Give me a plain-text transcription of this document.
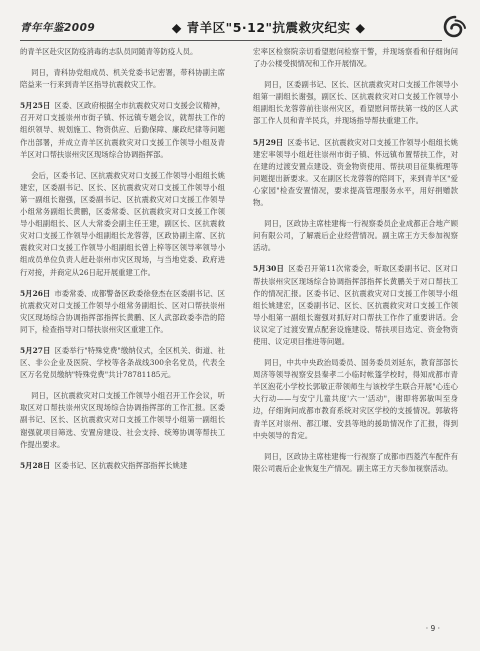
青年年鉴2009	◆ 青羊区"5·12"抗震救灾纪实 ◆

的青羊区赴灾区防疫消毒的志队员同随青等防疫人员。

同日，青科协党组成员、机关党委书记密署，带科协副主席陪益来一行来到青羊区指导抗震救灾工作。

5月25日 区委、区政府根据全市抗震救灾对口支援会议精神，召开对口支援崇州市街子镇、怀远镇专题会议，就帮扶工作的组织领导、规划施工、物资供应、后勤保障、廉政纪律等问题作出部署，并成立青羊区抗震救灾对口支援工作领导小组及青羊区对口帮扶崇州灾区现场综合协调指挥部。

会后，区委书记、区抗震救灾对口支援工作领导小组组长姚建宏，区委副书记、区长、区抗震救灾对口支援工作领导小组第一副组长谢强，区委副书记、区抗震救灾对口支援工作领导小组常务副组长黄鹏，区委常委、区抗震救灾对口支援工作领导小组副组长、区人大常委会副主任王建，副区长、区抗震救灾对口支援工作领导小组副组长龙蓉蓉，区政协副主席、区抗震救灾对口支援工作领导小组副组长曾上梓等区领导率领导小组成员单位负责人赶赴崇州市灾区现场，与当地党委、政府进行对接，并商定从26日起开展重建工作。

5月26日 市委常委、成都警备区政委徐登杰在区委副书记、区抗震救灾对口支援工作领导小组常务副组长、区对口帮扶崇州灾区现场综合协调指挥部指挥长黄鹏、区人武部政委李浩的陪同下，检查指导对口帮扶崇州灾区重建工作。

5月27日 区委举行"特殊党费"缴纳仪式，全区机关、街道、社区、非公企业及医院、学校等各条战线300余名党员，代表全区万名党员缴纳"特殊党费"共计78781185元。

同日，区抗震救灾对口支援工作领导小组召开工作会议，听取区对口帮扶崇州灾区现场综合协调指挥部的工作汇报。区委副书记、区长、区抗震救灾对口支援工作领导小组第一副组长谢强就项目筛选、安置房建设、社会支持、统筹协调等帮扶工作提出要求。

5月28日 区委书记、区抗震救灾指挥部指挥长姚建

宏率区检察院亲切看望慰问检察干警，并现场察看和仔细询问了办公楼受损情况和工作开展情况。

同日，区委副书记、区长、区抗震救灾对口支援工作领导小组第一副组长谢强，副区长、区抗震救灾对口支援工作领导小组副组长龙蓉蓉前往崇州灾区，看望慰问帮扶第一线的区人武部工作人员和青羊民兵，并现场指导帮扶重建工作。

5月29日 区委书记、区抗震救灾对口支援工作领导小组组长姚建宏率领导小组赶往崇州市街子镇、怀远镇布置帮扶工作，对在建的过渡安置点建设、资金物资使用、帮扶项目征集梳理等问题提出新要求。又在副区长龙蓉蓉的陪同下，来到青羊区"爱心家园"检查安置情况，要求提高管理服务水平，用好捐赠款物。

同日，区政协主席桂建梅一行视察委员企业成都正合地产顾问有限公司，了解震后企业经营情况。副主席王方天参加视察活动。

5月30日 区委召开第11次常委会，听取区委副书记、区对口帮扶崇州灾区现场综合协调指挥部指挥长黄鹏关于对口帮扶工作的情况汇报。区委书记、区抗震救灾对口支援工作领导小组组长姚建宏，区委副书记、区长、区抗震救灾对口支援工作领导小组第一副组长谢强对抓好对口帮扶工作作了重要讲话。会议议定了过渡安置点配套设施建设、帮扶项目选定、资金物资使用、议定项目推进等问题。

同日，中共中央政治局委员、国务委员刘延东，教育部部长周济等领导视察安县秦孝二小临时帐篷学校时，得知成都市青羊区泡花小学校长郭敏正带领师生与该校学生联合开展"心连心大行动——与安宁儿童共度'六一'活动"，谢即将郭敏叫至身边，仔细询问成都市教育系统对灾区学校的支援情况。郭敏将青羊区对崇州、都江堰、安县等地的援助情况作了汇报，得到中央领导的肯定。

同日，区政协主席桂建梅一行视察了成都市西菱汽车配件有限公司震后企业恢复生产情况。副主席王方天参加视察活动。

· 9 ·
